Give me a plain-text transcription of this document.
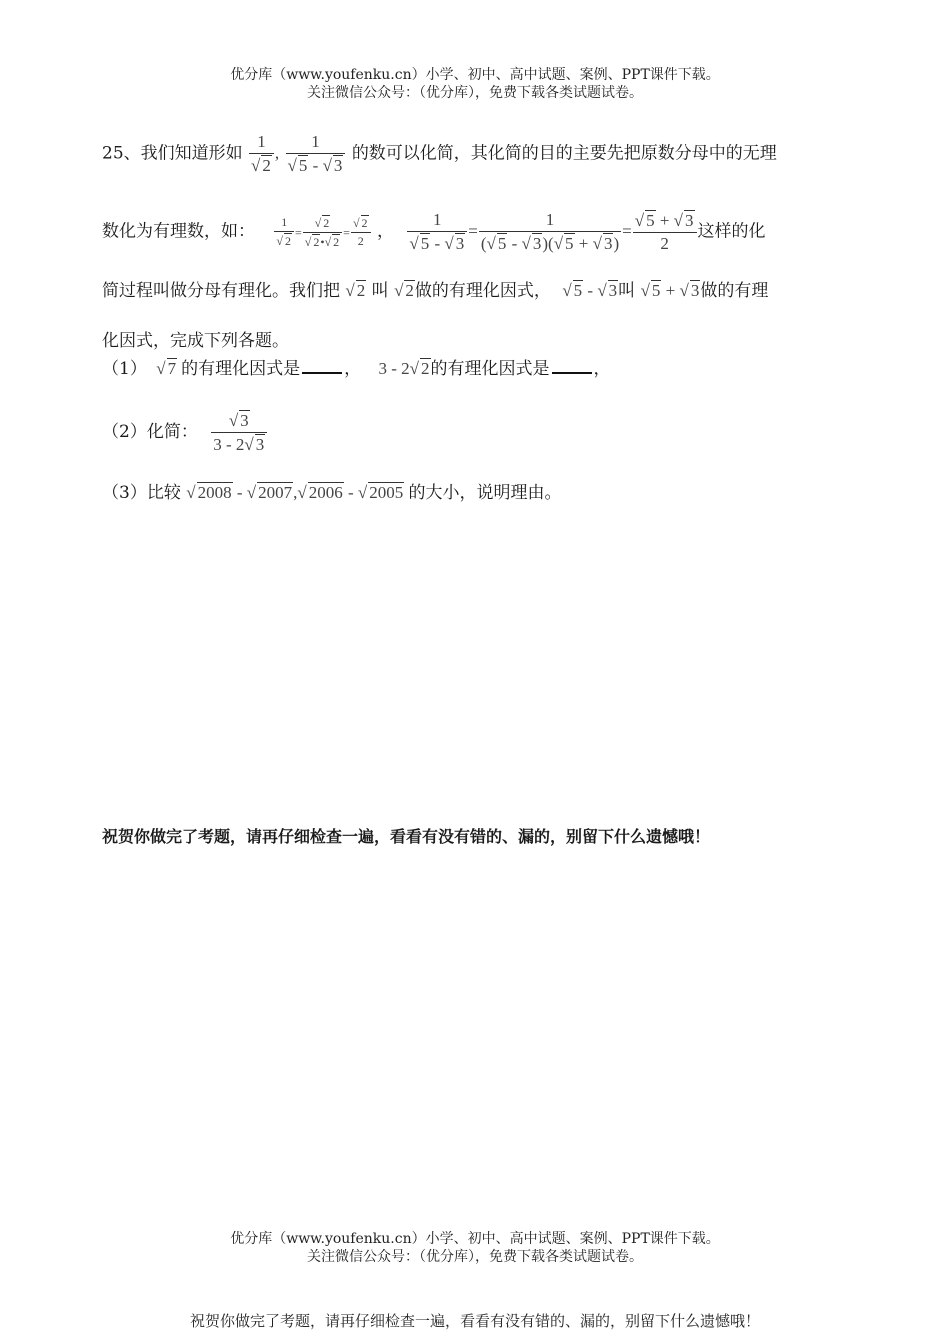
优分库（www.youfenku.cn）小学、初中、高中试题、案例、PPT课件下载。
关注微信公众号：（优分库），免费下载各类试题试卷。
25、我们知道形如 $\frac{1}{√ 2}$ , $\frac{1}{√ 5 - √ 3}$ 的数可以化简，其化简的目的主要先把原数分母中的无理
数化为有理数，如： $\frac{1}{√ 2} = \frac{√ 2}{√ 2•√ 2} = \frac{√ 2}{2}$ ， $\frac{1}{√ 5 - √ 3} = \frac{1}{(√ 5 - √ 3)(√ 5 + √ 3)} = \frac{√ 5 + √ 3}{2}$ 这样的化
简过程叫做分母有理化。我们把 √ 2 叫 √ 2做的有理化因式， √ 5 - √ 3叫 √ 5 + √ 3做的有理
化因式，完成下列各题。
（1） √ 7 的有理化因式是	， 3 - 2√ 2的有理化因式是	，
（2）化简： $\frac{√ 3}{3 - 2√ 3}$
（3）比较 √ 2008 - √ 2007,√ 2006 - √ 2005 的大小，说明理由。
祝贺你做完了考题，请再仔细检查一遍，看看有没有错的、漏的，别留下什么遗憾哦！
优分库（www.youfenku.cn）小学、初中、高中试题、案例、PPT课件下载。
关注微信公众号：（优分库），免费下载各类试题试卷。
祝贺你做完了考题，请再仔细检查一遍，看看有没有错的、漏的，别留下什么遗憾哦！
